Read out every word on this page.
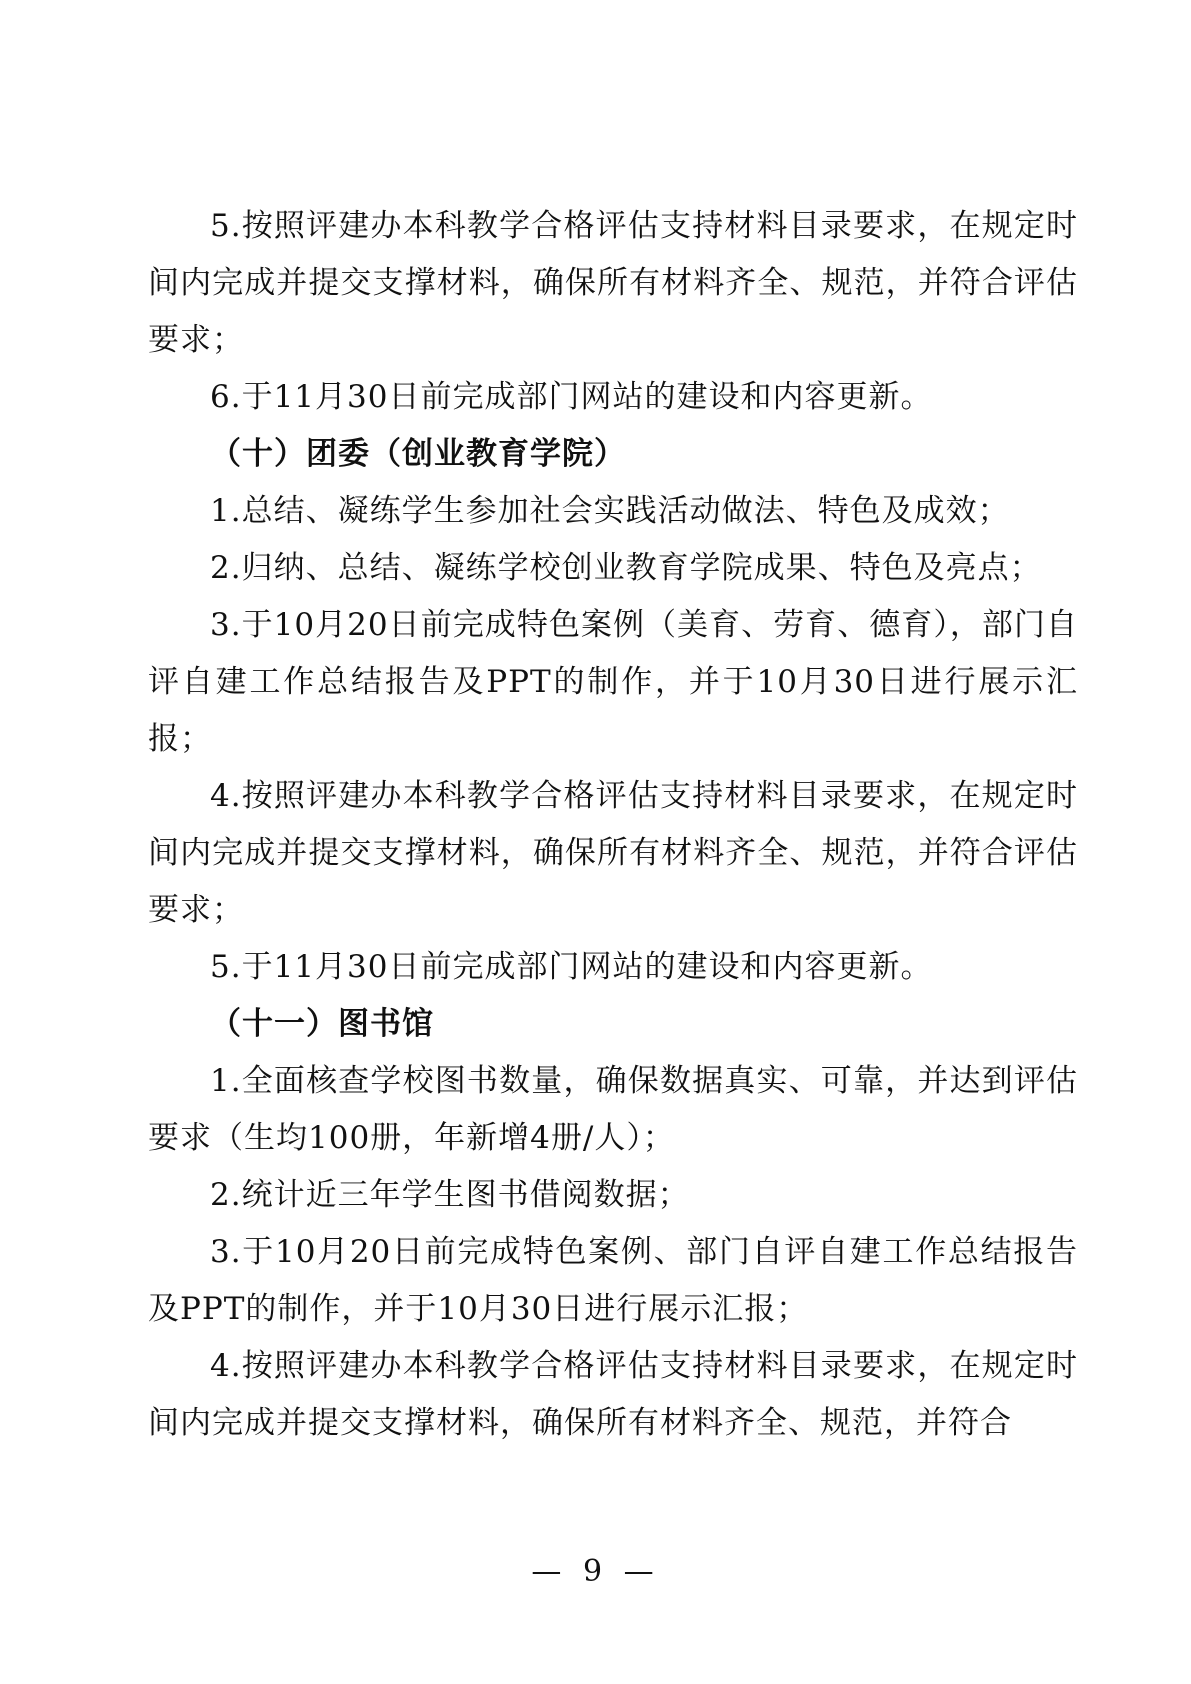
5.按照评建办本科教学合格评估支持材料目录要求，在规定时间内完成并提交支撑材料，确保所有材料齐全、规范，并符合评估要求；

6.于11月30日前完成部门网站的建设和内容更新。

（十）团委（创业教育学院）

1.总结、凝练学生参加社会实践活动做法、特色及成效；

2.归纳、总结、凝练学校创业教育学院成果、特色及亮点；

3.于10月20日前完成特色案例（美育、劳育、德育），部门自评自建工作总结报告及PPT的制作，并于10月30日进行展示汇报；

4.按照评建办本科教学合格评估支持材料目录要求，在规定时间内完成并提交支撑材料，确保所有材料齐全、规范，并符合评估要求；

5.于11月30日前完成部门网站的建设和内容更新。

（十一）图书馆

1.全面核查学校图书数量，确保数据真实、可靠，并达到评估要求（生均100册，年新增4册/人）；

2.统计近三年学生图书借阅数据；

3.于10月20日前完成特色案例、部门自评自建工作总结报告及PPT的制作，并于10月30日进行展示汇报；

4.按照评建办本科教学合格评估支持材料目录要求，在规定时间内完成并提交支撑材料，确保所有材料齐全、规范，并符合

— 9 —
